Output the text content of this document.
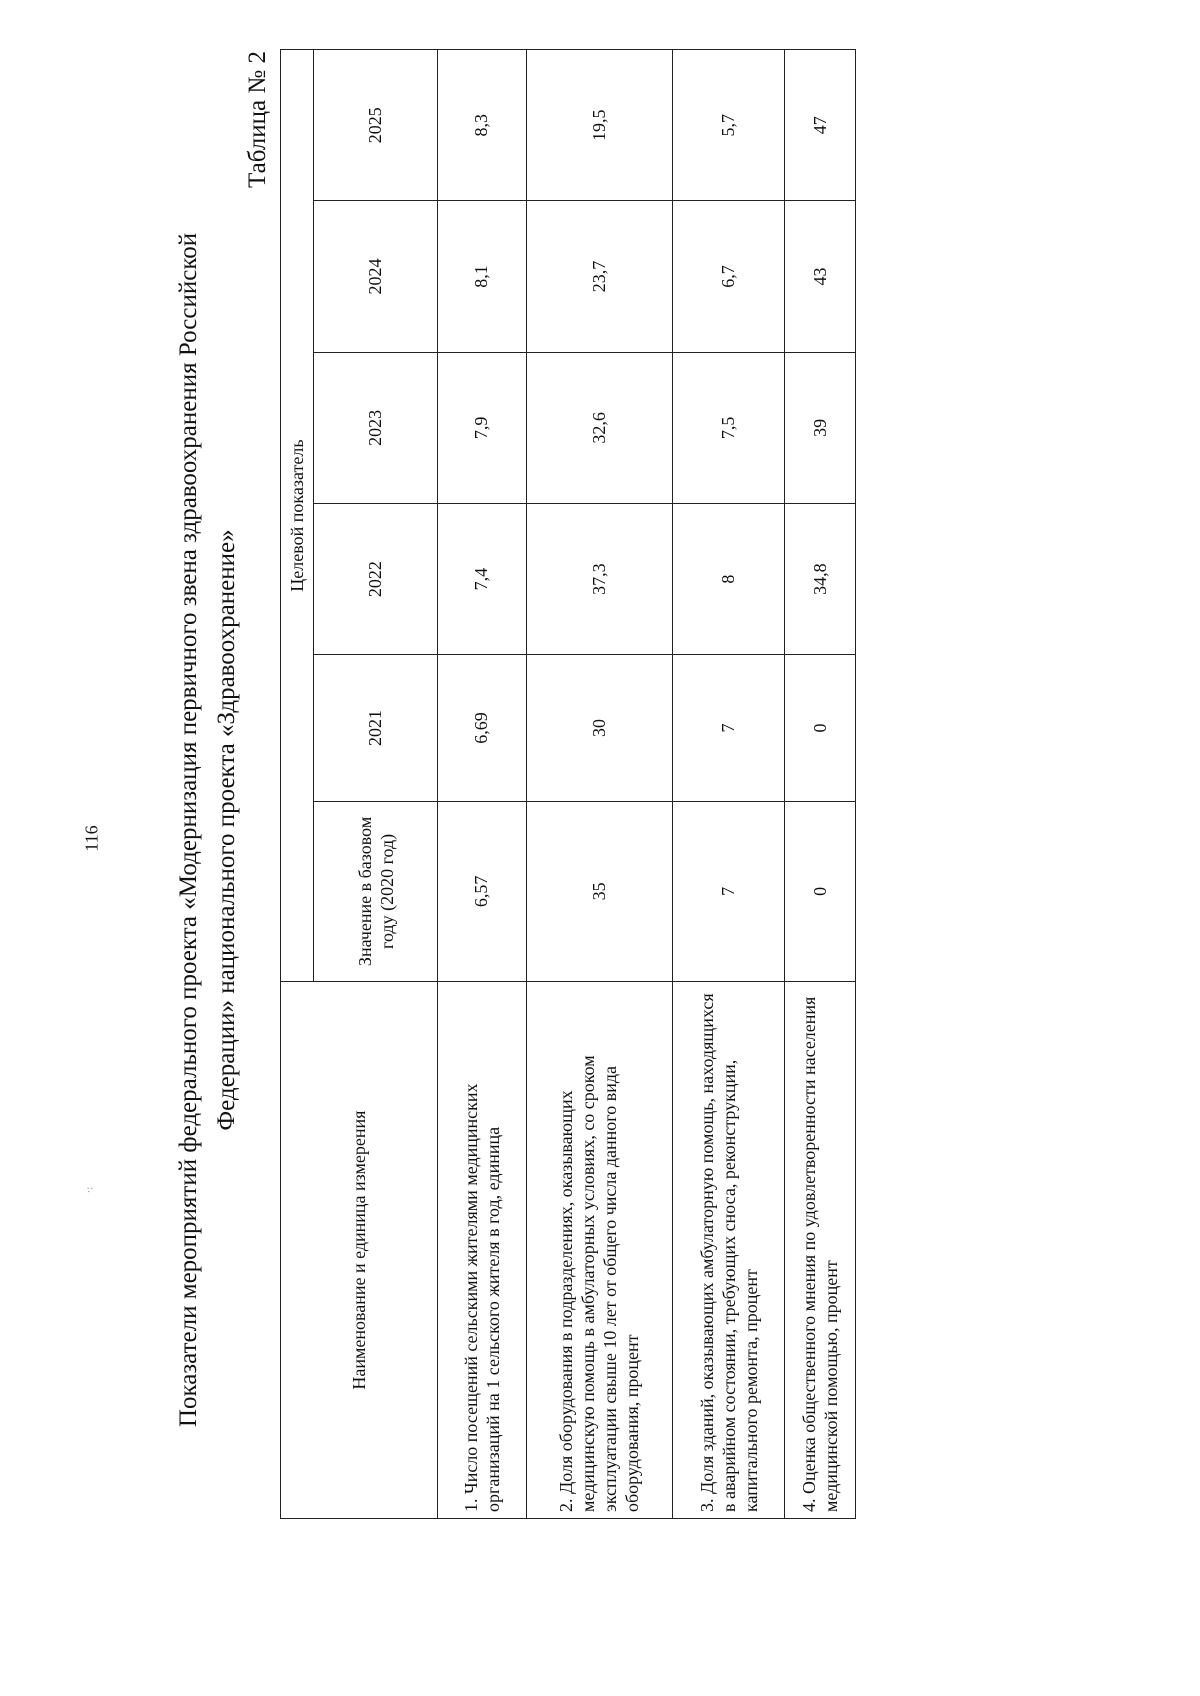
116
·:	Показатели мероприятий федерального проекта «Модернизация первичного звена здравоохранения Российской Федерации» национального проекта «Здравоохранение»
Таблица № 2
Наименование и единица измерения	Целевой показатель					
	Значение в базовом году (2020 год)	2021	2022	2023	2024	2025
1. Число посещений сельскими жителями медицинских организаций на 1 сельского жителя в год, единица	6,57	6,69	7,4	7,9	8,1	8,3
2. Доля оборудования в подразделениях, оказывающих медицинскую помощь в амбулаторных условиях, со сроком эксплуатации свыше 10 лет от общего числа данного вида оборудования, процент	35	30	37,3	32,6	23,7	19,5
3. Доля зданий, оказывающих амбулаторную помощь, находящихся в аварийном состоянии, требующих сноса, реконструкции, капитального ремонта, процент	7	7	8	7,5	6,7	5,7
4. Оценка общественного мнения по удовлетворенности населения медицинской помощью, процент	0	0	34,8	39	43	47
